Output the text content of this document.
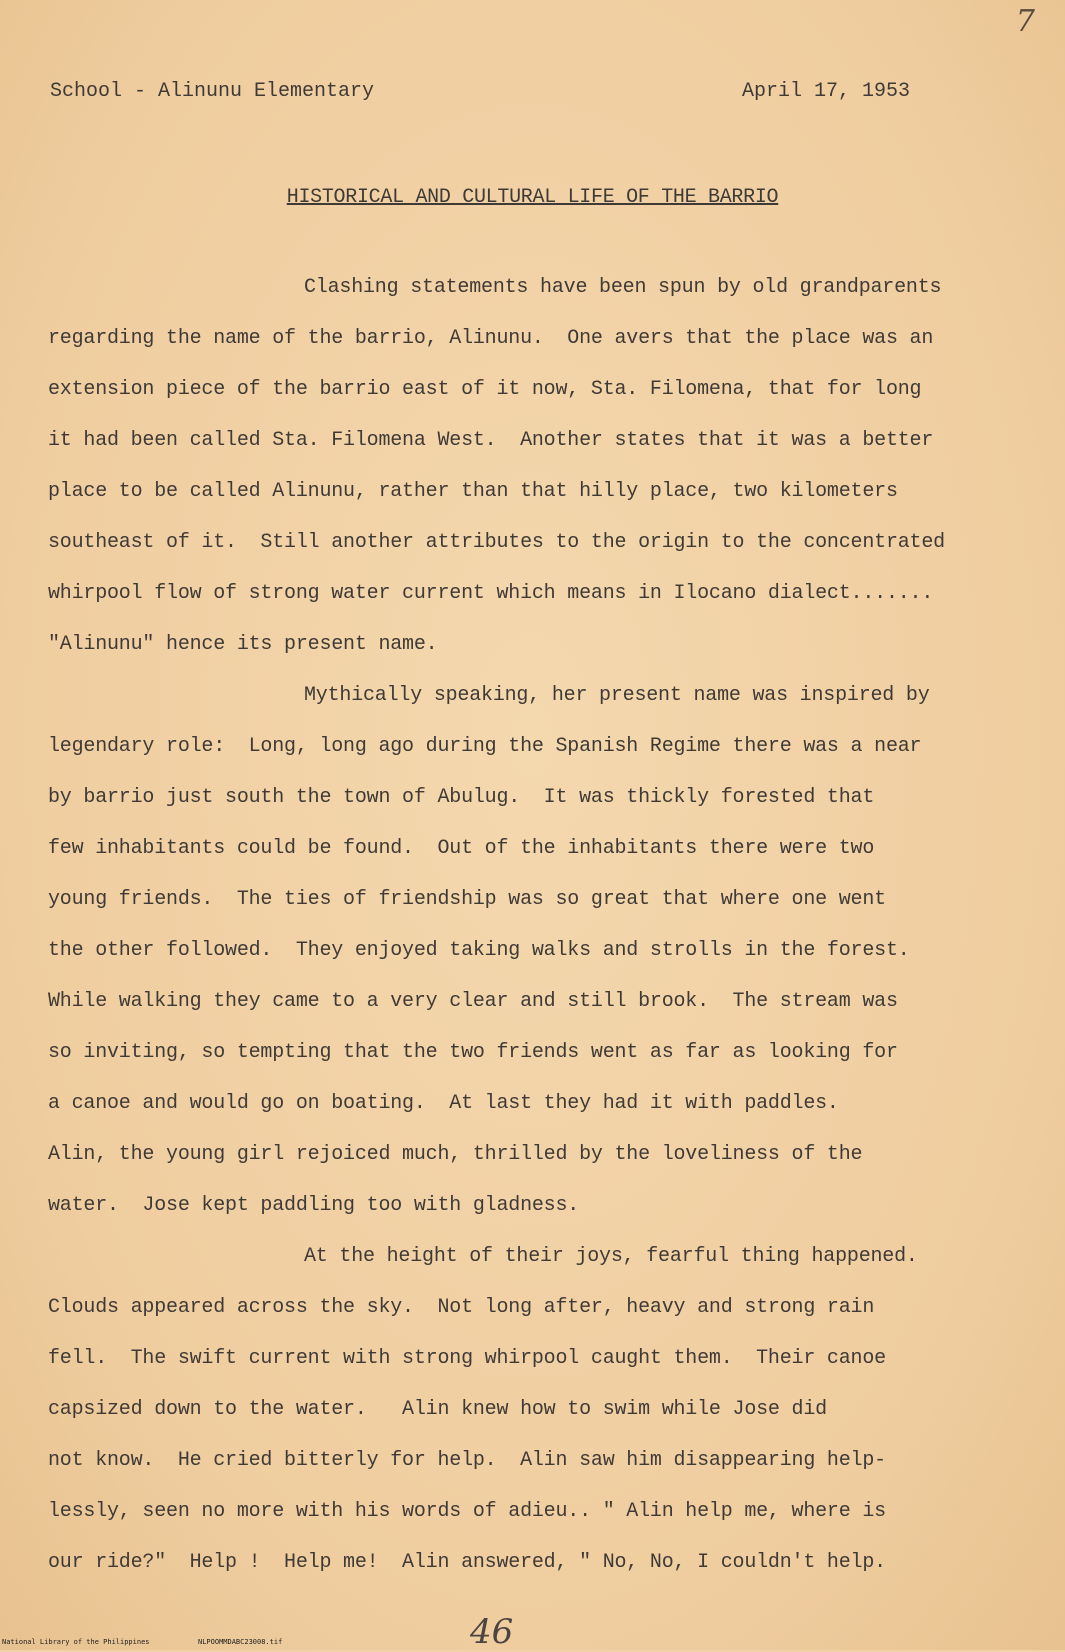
7
School - Alinunu Elementary	April 17, 1953
HISTORICAL AND CULTURAL LIFE OF THE BARRIO
Clashing statements have been spun by old grandparents
regarding the name of the barrio, Alinunu.  One avers that the place was an
extension piece of the barrio east of it now, Sta. Filomena, that for long
it had been called Sta. Filomena West.  Another states that it was a better
place to be called Alinunu, rather than that hilly place, two kilometers
southeast of it.  Still another attributes to the origin to the concentrated
whirpool flow of strong water current which means in Ilocano dialect.......
"Alinunu" hence its present name.
Mythically speaking, her present name was inspired by
legendary role:  Long, long ago during the Spanish Regime there was a near
by barrio just south the town of Abulug.  It was thickly forested that
few inhabitants could be found.  Out of the inhabitants there were two
young friends.  The ties of friendship was so great that where one went
the other followed.  They enjoyed taking walks and strolls in the forest.
While walking they came to a very clear and still brook.  The stream was
so inviting, so tempting that the two friends went as far as looking for
a canoe and would go on boating.  At last they had it with paddles.
Alin, the young girl rejoiced much, thrilled by the loveliness of the
water.  Jose kept paddling too with gladness.
At the height of their joys, fearful thing happened.
Clouds appeared across the sky.  Not long after, heavy and strong rain
fell.  The swift current with strong whirpool caught them.  Their canoe
capsized down to the water.   Alin knew how to swim while Jose did
not know.  He cried bitterly for help.  Alin saw him disappearing help-
lessly, seen no more with his words of adieu.. " Alin help me, where is
our ride?"  Help !  Help me!  Alin answered, " No, No, I couldn't help.
46
National Library of the Philippines	NLPOOMMDABC23008.tif
